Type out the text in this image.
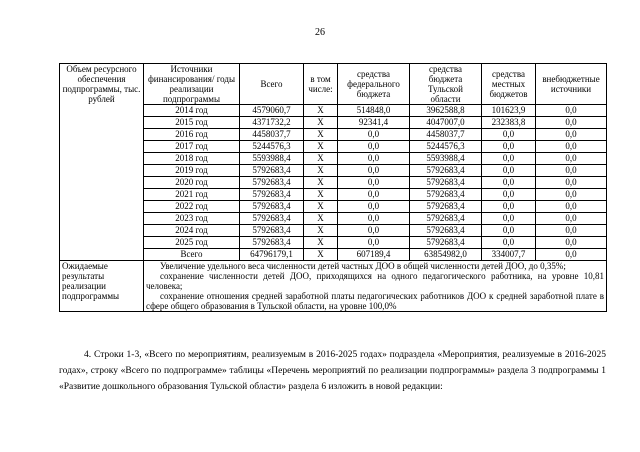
26
Объем ресурсного обеспечения подпрограммы, тыс. рублей	Источники финансирования/ годы реализации подпрограммы	Всего	в том числе:	средства федерального бюджета	средства бюджета Тульской области	средства местных бюджетов	внебюджетные источники
	2014 год	4579060,7	Х	514848,0	3962588,8	101623,9	0,0
	2015 год	4371732,2	Х	92341,4	4047007,0	232383,8	0,0
	2016 год	4458037,7	Х	0,0	4458037,7	0,0	0,0
	2017 год	5244576,3	Х	0,0	5244576,3	0,0	0,0
	2018 год	5593988,4	Х	0,0	5593988,4	0,0	0,0
	2019 год	5792683,4	Х	0,0	5792683,4	0,0	0,0
	2020 год	5792683,4	Х	0,0	5792683,4	0,0	0,0
	2021 год	5792683,4	Х	0,0	5792683,4	0,0	0,0
	2022 год	5792683,4	Х	0,0	5792683,4	0,0	0,0
	2023 год	5792683,4	Х	0,0	5792683,4	0,0	0,0
	2024 год	5792683,4	Х	0,0	5792683,4	0,0	0,0
	2025 год	5792683,4	Х	0,0	5792683,4	0,0	0,0
	Всего	64796179,1	Х	607189,4	63854982,0	334007,7	0,0
Ожидаемые результаты реализации подпрограммы	Увеличение удельного веса численности детей частных ДОО в общей численности детей ДОО, до 0,35%;

сохранение численности детей ДОО, приходящихся на одного педагогического работника, на уровне 10,81 человека;

сохранение отношения средней заработной платы педагогических работников ДОО к средней заработной плате в сфере общего образования в Тульской области, на уровне 100,0%						

4. Строки 1-3, «Всего по мероприятиям, реализуемым в 2016-2025 годах» подраздела «Мероприятия, реализуемые в 2016-2025 годах», строку «Всего по подпрограмме» таблицы «Перечень мероприятий по реализации подпрограммы» раздела 3 подпрограммы 1 «Развитие дошкольного образования Тульской области» раздела 6 изложить в новой редакции:
